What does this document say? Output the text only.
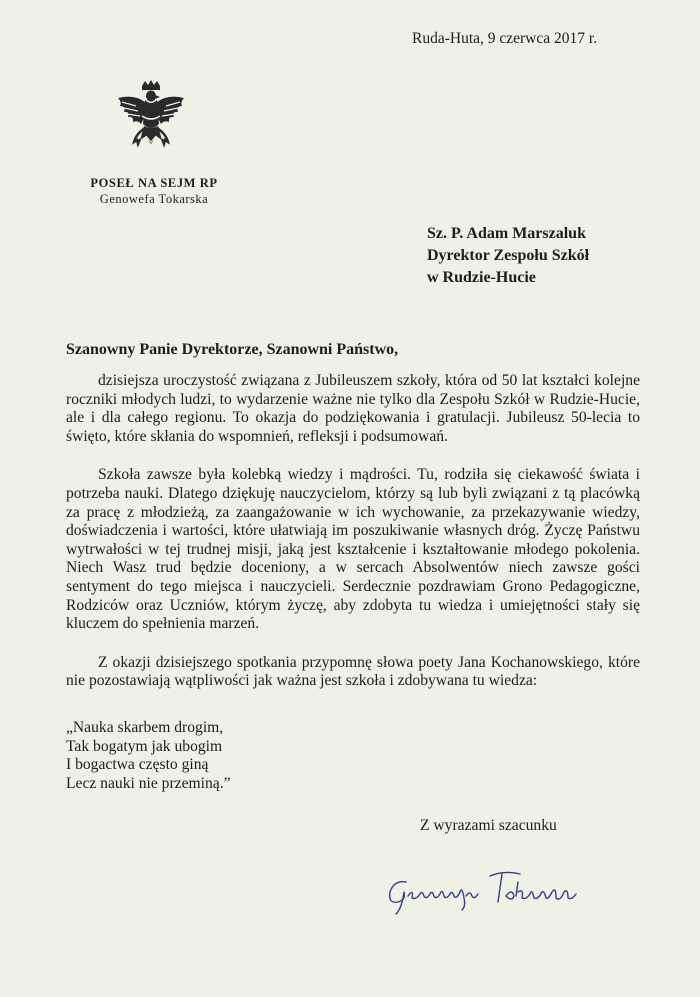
Ruda-Huta, 9 czerwca 2017 r.
POSEŁ NA SEJM RP
Genowefa Tokarska
Sz. P. Adam Marszaluk
Dyrektor Zespołu Szkół
w Rudzie-Hucie
Szanowny Panie Dyrektorze, Szanowni Państwo,

dzisiejsza uroczystość związana z Jubileuszem szkoły, która od 50 lat kształci kolejne roczniki młodych ludzi, to wydarzenie ważne nie tylko dla Zespołu Szkół w Rudzie-Hucie, ale i dla całego regionu. To okazja do podziękowania i gratulacji. Jubileusz 50-lecia to święto, które skłania do wspomnień, refleksji i podsumowań.

Szkoła zawsze była kolebką wiedzy i mądrości. Tu, rodziła się ciekawość świata i potrzeba nauki. Dlatego dziękuję nauczycielom, którzy są lub byli związani z tą placówką za pracę z młodzieżą, za zaangażowanie w ich wychowanie, za przekazywanie wiedzy, doświadczenia i wartości, które ułatwiają im poszukiwanie własnych dróg. Życzę Państwu wytrwałości w tej trudnej misji, jaką jest kształcenie i kształtowanie młodego pokolenia. Niech Wasz trud będzie doceniony, a w sercach Absolwentów niech zawsze gości sentyment do tego miejsca i nauczycieli. Serdecznie pozdrawiam Grono Pedagogiczne, Rodziców oraz Uczniów, którym życzę, aby zdobyta tu wiedza i umiejętności stały się kluczem do spełnienia marzeń.

Z okazji dzisiejszego spotkania przypomnę słowa poety Jana Kochanowskiego, które nie pozostawiają wątpliwości jak ważna jest szkoła i zdobywana tu wiedza:

„Nauka skarbem drogim,
Tak bogatym jak ubogim
I bogactwa często giną
Lecz nauki nie przeminą.”
Z wyrazami szacunku
